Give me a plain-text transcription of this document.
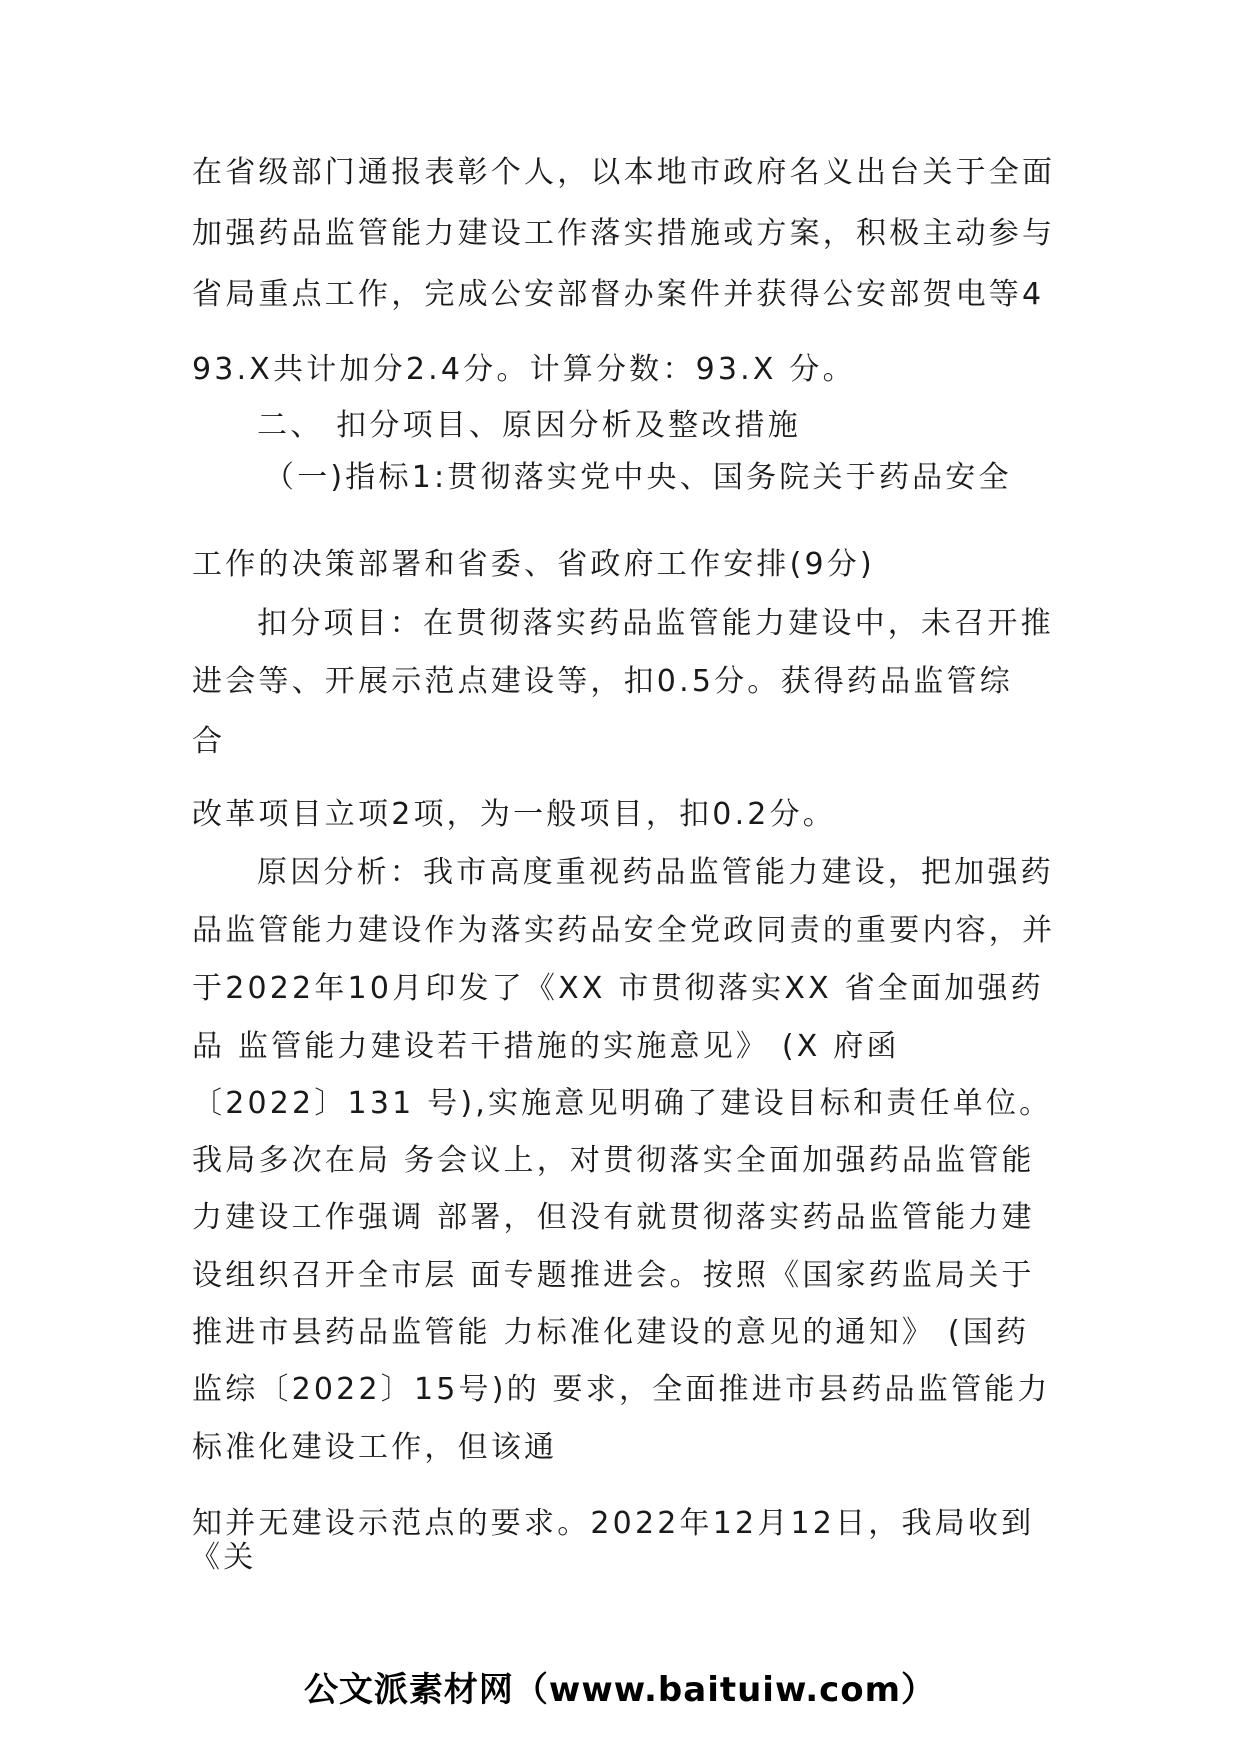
在省级部门通报表彰个人，以本地市政府名义出台关于全面
加强药品监管能力建设工作落实措施或方案，积极主动参与
省局重点工作，完成公安部督办案件并获得公安部贺电等4
93.X共计加分2.4分。计算分数：93.X 分。
二、 扣分项目、原因分析及整改措施
（一)指标1:贯彻落实党中央、国务院关于药品安全
工作的决策部署和省委、省政府工作安排(9分)
扣分项目：在贯彻落实药品监管能力建设中，未召开推
进会等、开展示范点建设等，扣0.5分。获得药品监管综
合
改革项目立项2项，为一般项目，扣0.2分。
原因分析：我市高度重视药品监管能力建设，把加强药
品监管能力建设作为落实药品安全党政同责的重要内容，并
于2022年10月印发了《XX 市贯彻落实XX 省全面加强药
品 监管能力建设若干措施的实施意见》 (X 府函
〔2022〕131 号),实施意见明确了建设目标和责任单位。
我局多次在局 务会议上，对贯彻落实全面加强药品监管能
力建设工作强调 部署，但没有就贯彻落实药品监管能力建
设组织召开全市层 面专题推进会。按照《国家药监局关于
推进市县药品监管能 力标准化建设的意见的通知》 (国药
监综〔2022〕15号)的 要求，全面推进市县药品监管能力
标准化建设工作，但该通
知并无建设示范点的要求。2022年12月12日，我局收到
《关
公文派素材网（www.baituiw.com）
